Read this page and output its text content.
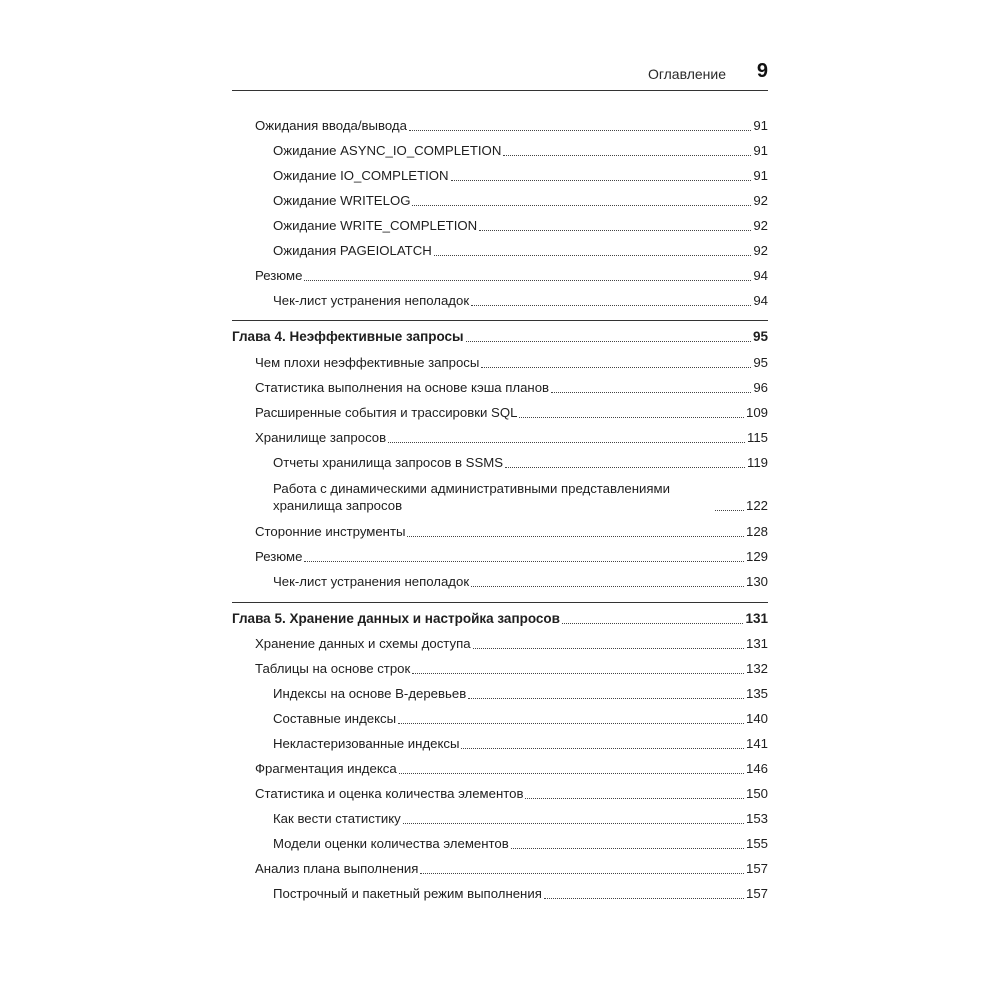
Оглавление 9
Ожидания ввода/вывода	91
Ожидание ASYNC_IO_COMPLETION	91
Ожидание IO_COMPLETION	91
Ожидание WRITELOG	92
Ожидание WRITE_COMPLETION	92
Ожидания PAGEIOLATCH	92
Резюме	94
Чек-лист устранения неполадок	94
Глава 4. Неэффективные запросы	95
Чем плохи неэффективные запросы	95
Статистика выполнения на основе кэша планов	96
Расширенные события и трассировки SQL	109
Хранилище запросов	115
Отчеты хранилища запросов в SSMS	119
Работа с динамическими административными представлениями хранилища запросов	122
Сторонние инструменты	128
Резюме	129
Чек-лист устранения неполадок	130
Глава 5. Хранение данных и настройка запросов	131
Хранение данных и схемы доступа	131
Таблицы на основе строк	132
Индексы на основе B-деревьев	135
Составные индексы	140
Некластеризованные индексы	141
Фрагментация индекса	146
Статистика и оценка количества элементов	150
Как вести статистику	153
Модели оценки количества элементов	155
Анализ плана выполнения	157
Построчный и пакетный режим выполнения	157
